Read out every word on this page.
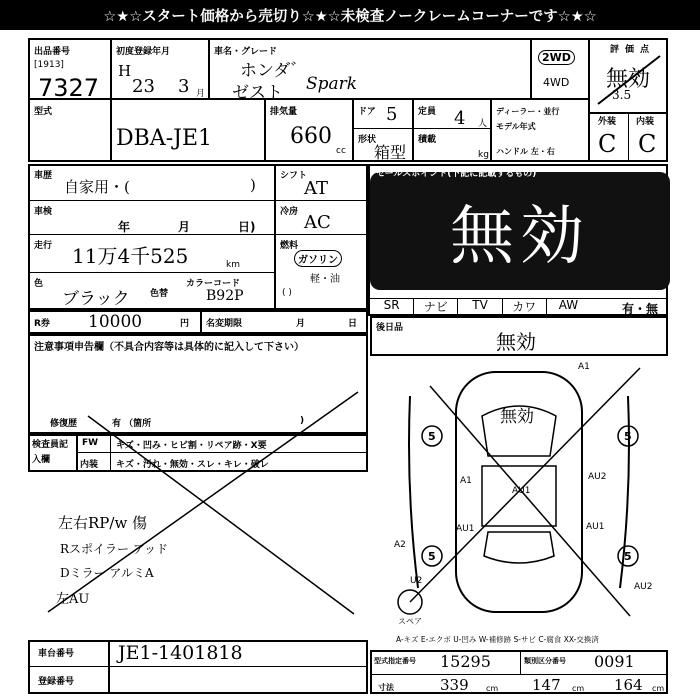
☆★☆スタート価格から売切り☆★☆未検査ノークレームコーナーです☆★☆
出品番号
[1913]
7327
初度登録年月
H
23 3 月
車名・グレード
ホンダ゛
ゼスト Spark
2WD
4WD
評価点
無効
3.5
型式
DBA-JE1
排気量
660
cc
ドア 5 定員 4 人
形状
箱型
積載
kg
ディーラー・並行
モデル年式
ハンドル 左・右
外装 内装
C C
車歴
自家用・(	)
車検
年	月	日)
走行 11万4千525	km
色
ブラック 色替
カラーコード
B92P
シフト
AT
冷房 AC
燃料
ガソリン
軽・油
( )
R券 10000	円 名変期限	月	日
無効
セールスポイント(下記に記載するもの)
SR	ナビ	TV	カワ	AW	有・無
注意事項申告欄（不具合内容等は具体的に記入して下さい）
修復歴	有 （箇所	)
後日品
無効
検査員記入欄
FW キズ・凹み・ヒビ割・リペア跡・X要
内装 キズ・汚れ・無効・スレ・キレ・破レ
左右RP/w 傷
Rスポイラー アッド
Dミラー アルミA
左AU
無効
A1
A1	AU2
AU1
AU1	AU1
A2
U2
AU2
5	5
5	5
スペア
A-キズ E-エクボ U-凹み W-補修跡 S-サビ C-腐食 XX-交換済
車台番号 JE1-1401818
登録番号
型式指定番号 15295	類別区分番号 0091
寸法	339 cm 147 cm 164 cm
